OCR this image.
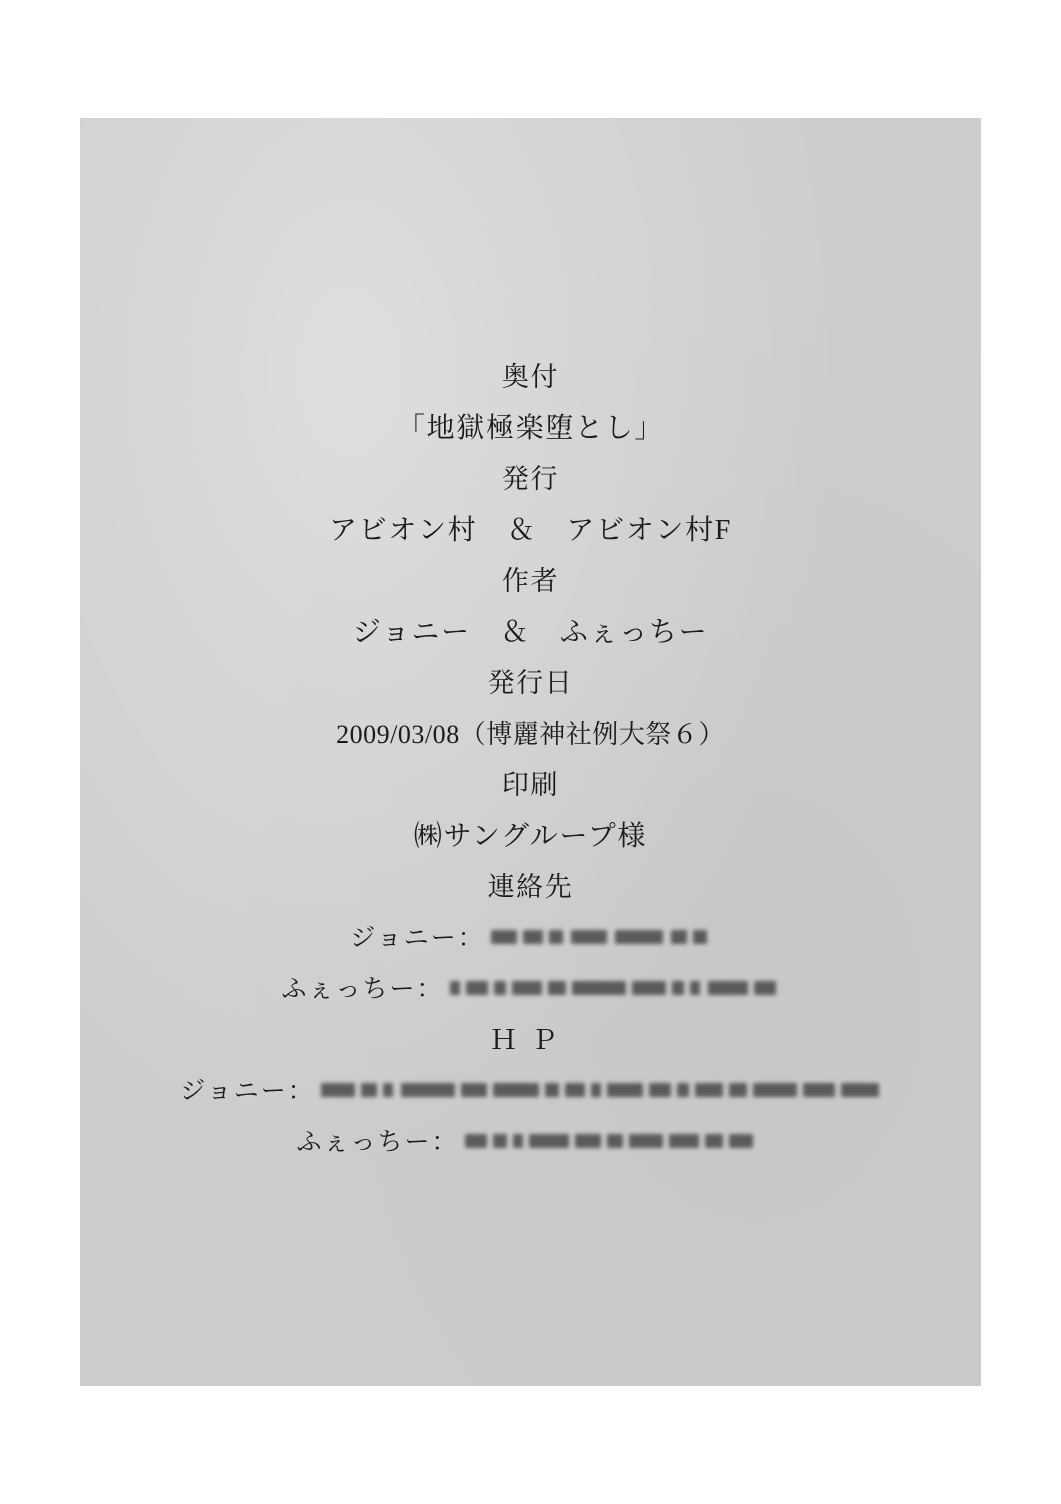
奥付
「地獄極楽堕とし」
発行
アビオン村　＆　アビオン村F
作者
ジョニー　＆　ふぇっちー
発行日
2009/03/08（博麗神社例大祭６）
印刷
㈱サングループ様
連絡先
ジョニー：
ふぇっちー：
ＨＰ
ジョニー：
ふぇっちー：
